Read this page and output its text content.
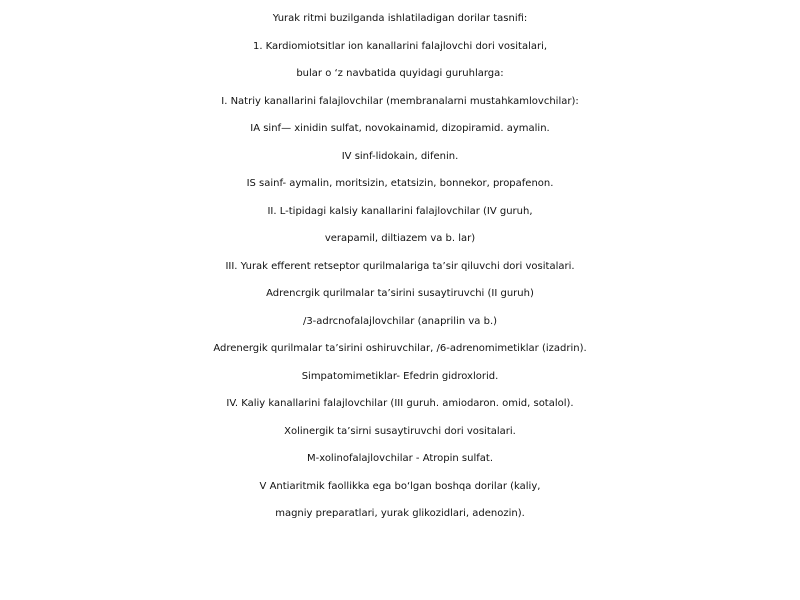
Yurak ritmi buzilganda ishlatiladigan dorilar tasnifi:
1. Kardiomiotsitlar ion kanallarini falajlovchi dori vositalari,
bular o ‘z navbatida quyidagi guruhlarga:
I. Natriy kanallarini falajlovchilar (membranalarni mustahkamlovchilar):
IA sinf— xinidin sulfat, novokainamid, dizopiramid. aymalin.
IV sinf-lidokain, difenin.
IS sainf- aymalin, moritsizin, etatsizin, bonnekor, propafenon.
II. L-tipidagi kalsiy kanallarini falajlovchilar (IV guruh,
verapamil, diltiazem va b. lar)
III. Yurak efferent retseptor qurilmalariga ta’sir qiluvchi dori vositalari.
Adrencrgik qurilmalar ta’sirini susaytiruvchi (II guruh)
/3-adrcnofalajlovchilar (anaprilin va b.)
Adrenergik qurilmalar ta’sirini oshiruvchilar, /6-adrenomimetiklar (izadrin).
Simpatomimetiklar- Efedrin gidroxlorid.
IV. Kaliy kanallarini falajlovchilar (III guruh. amiodaron. omid, sotalol).
Xolinergik ta’sirni susaytiruvchi dori vositalari.
M-xolinofalajlovchilar - Atropin sulfat.
V Antiaritmik faollikka ega bo‘lgan boshqa dorilar (kaliy,
magniy preparatlari, yurak glikozidlari, adenozin).
